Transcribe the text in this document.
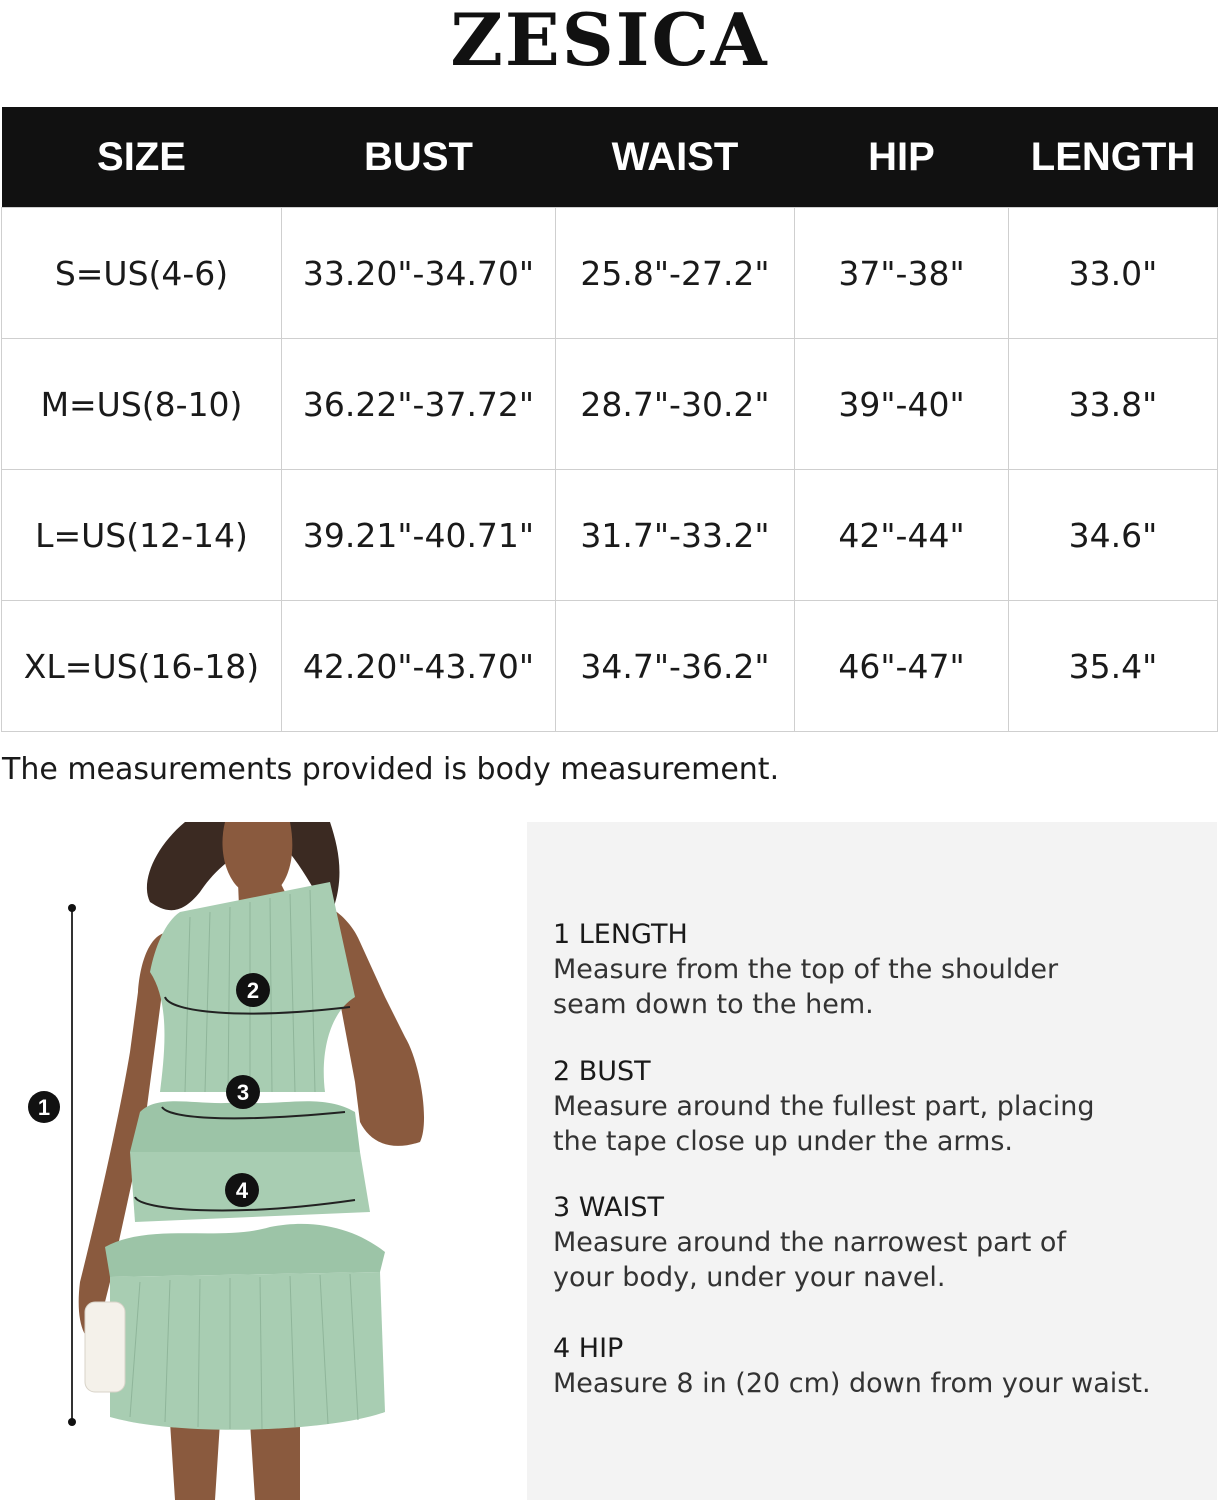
ZESICA
SIZE	BUST	WAIST	HIP	LENGTH
S=US(4-6)	33.20"-34.70"	25.8"-27.2"	37"-38"	33.0"
M=US(8-10)	36.22"-37.72"	28.7"-30.2"	39"-40"	33.8"
L=US(12-14)	39.21"-40.71"	31.7"-33.2"	42"-44"	34.6"
XL=US(16-18)	42.20"-43.70"	34.7"-36.2"	46"-47"	35.4"
The measurements provided is body measurement.
1
2
3
4
1 LENGTH
Measure from the top of the shoulder seam down to the hem.
2 BUST
Measure around the fullest part, placing the tape close up under the arms.
3 WAIST
Measure around the narrowest part of your body, under your navel.
4 HIP
Measure 8 in (20 cm) down from your waist.
